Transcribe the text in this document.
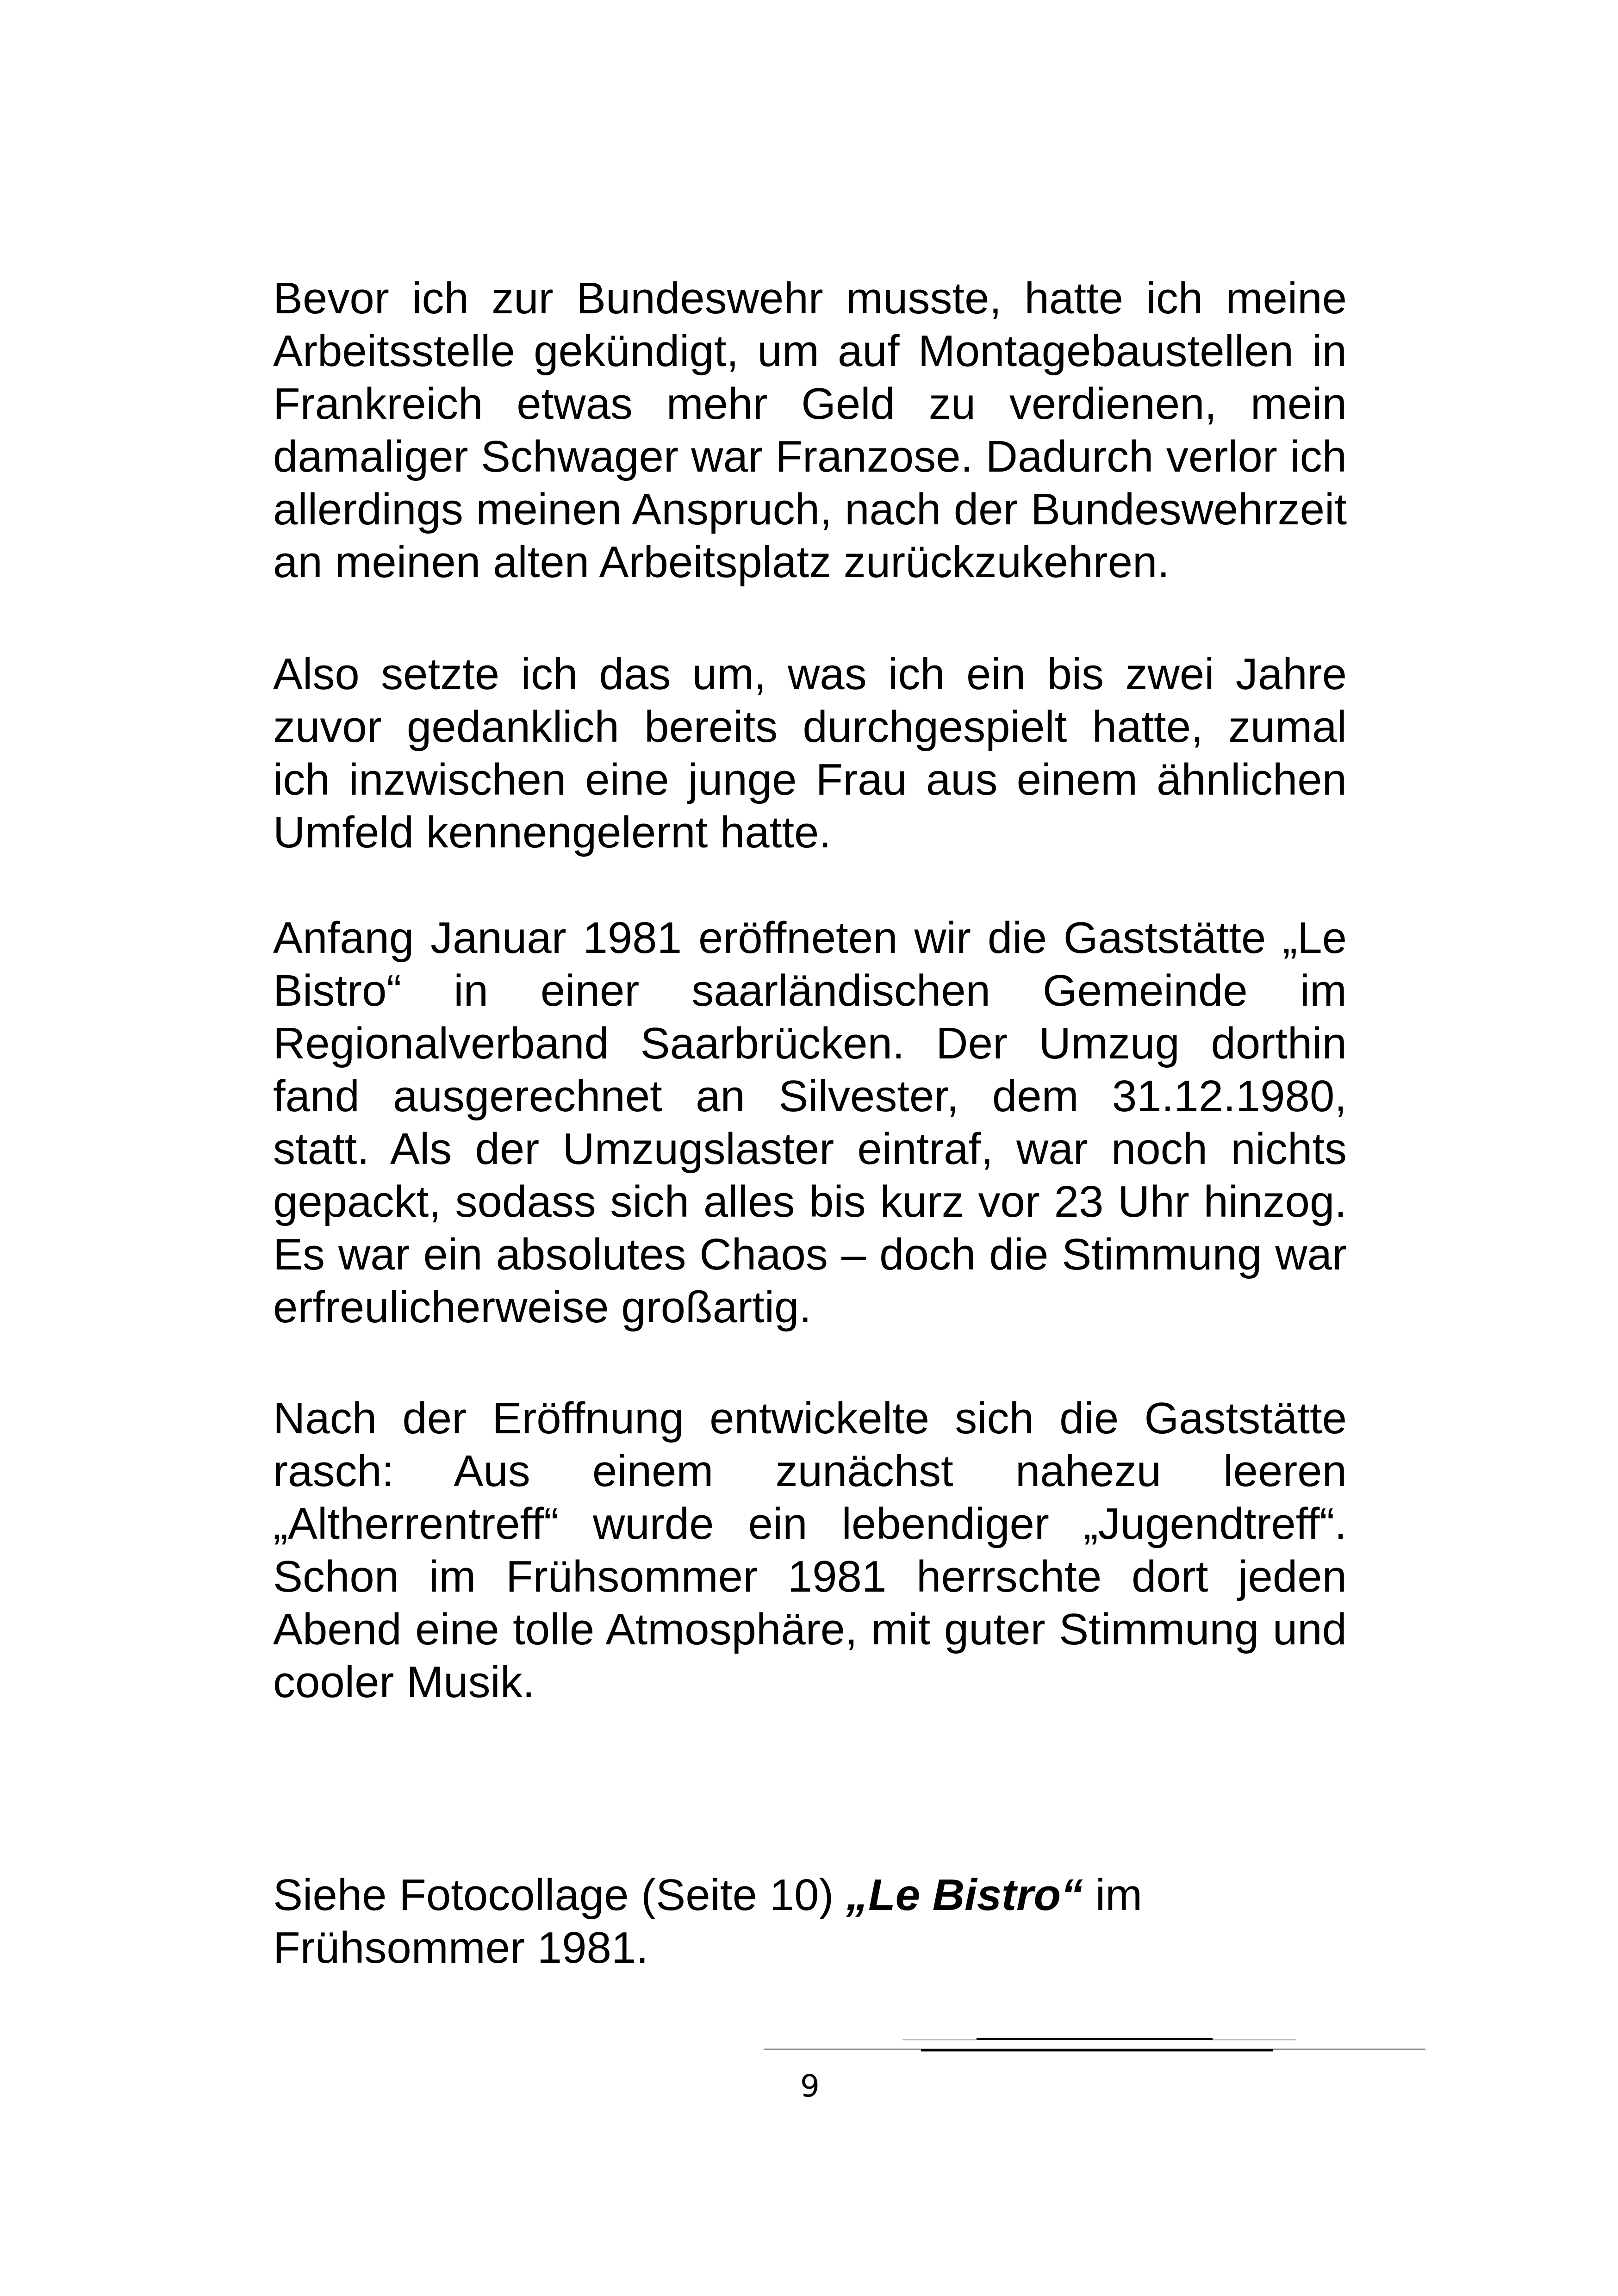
Bevor ich zur Bundeswehr musste, hatte ich meine Arbeitsstelle gekündigt, um auf Montagebaustellen in Frankreich etwas mehr Geld zu verdienen, mein damaliger Schwager war Franzose. Dadurch verlor ich allerdings meinen Anspruch, nach der Bundeswehrzeit an meinen alten Arbeitsplatz zurückzukehren.

Also setzte ich das um, was ich ein bis zwei Jahre zuvor gedanklich bereits durchgespielt hatte, zumal ich inzwischen eine junge Frau aus einem ähnlichen Umfeld kennengelernt hatte.

Anfang Januar 1981 eröffneten wir die Gaststätte „Le Bistro“ in einer saarländischen Gemeinde im Regionalverband Saarbrücken. Der Umzug dorthin fand ausgerechnet an Silvester, dem 31.12.1980, statt. Als der Umzugslaster eintraf, war noch nichts gepackt, sodass sich alles bis kurz vor 23 Uhr hinzog. Es war ein absolutes Chaos – doch die Stimmung war erfreulicherweise großartig.

Nach der Eröffnung entwickelte sich die Gaststätte rasch: Aus einem zunächst nahezu leeren „Altherrentreff“ wurde ein lebendiger „Jugendtreff“. Schon im Frühsommer 1981 herrschte dort jeden Abend eine tolle Atmosphäre, mit guter Stimmung und cooler Musik.

Siehe Fotocollage (Seite 10) „Le Bistro“ im Frühsommer 1981.

9
